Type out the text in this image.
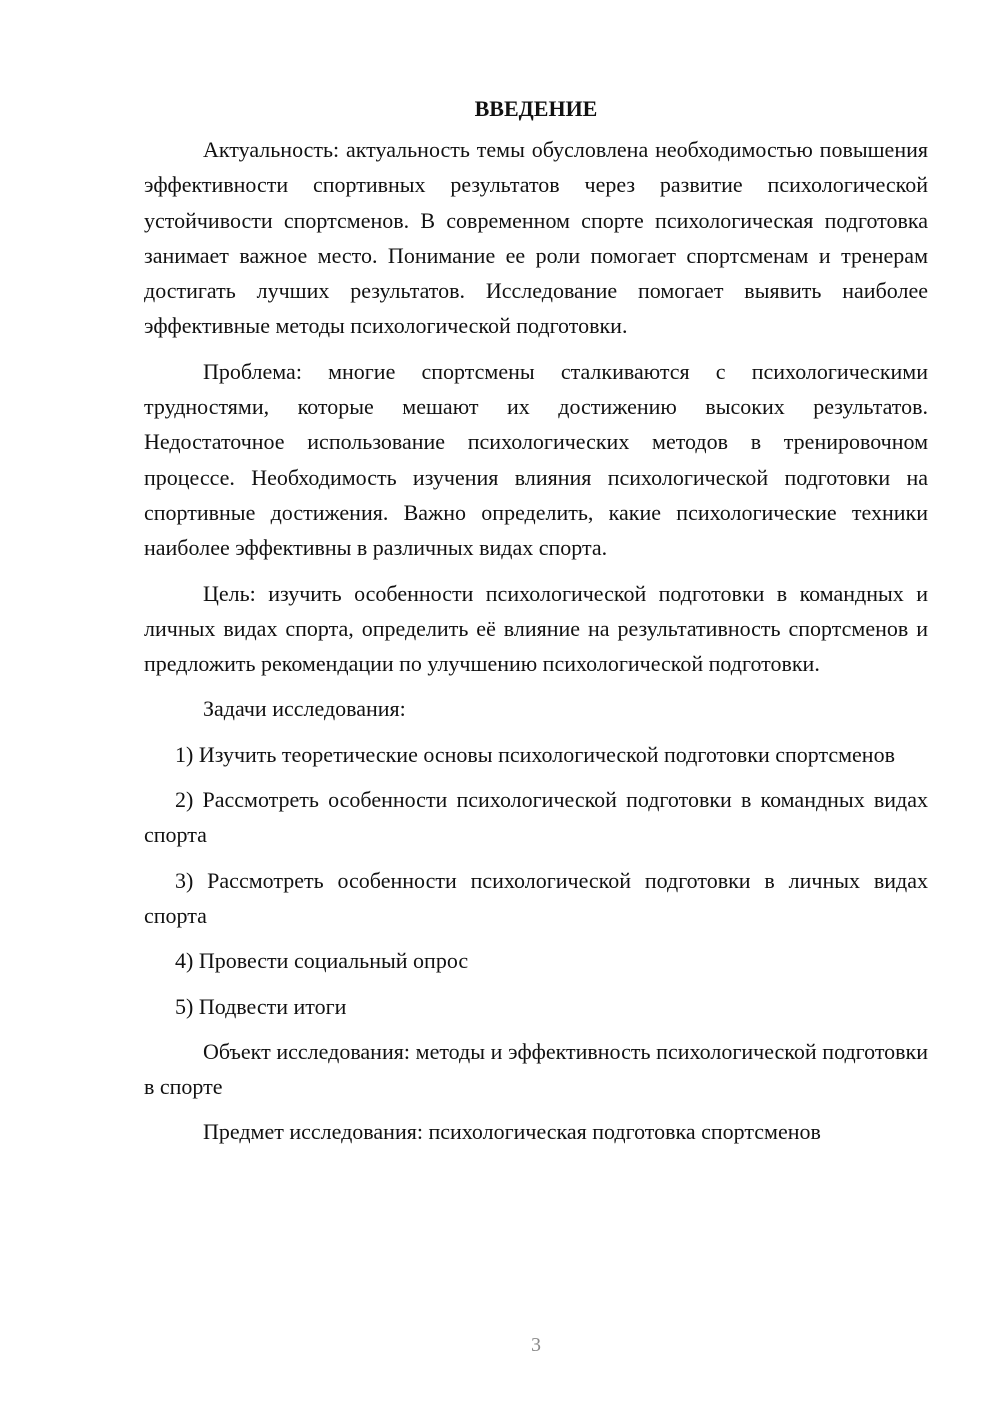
ВВЕДЕНИЕ

Актуальность: актуальность темы обусловлена необходимостью повышения эффективности спортивных результатов через развитие психологической устойчивости спортсменов. В современном спорте психологическая подготовка занимает важное место. Понимание ее роли помогает спортсменам и тренерам достигать лучших результатов. Исследование помогает выявить наиболее эффективные методы психологической подготовки.

Проблема: многие спортсмены сталкиваются с психологическими трудностями, которые мешают их достижению высоких результатов. Недостаточное использование психологических методов в тренировочном процессе. Необходимость изучения влияния психологической подготовки на спортивные достижения. Важно определить, какие психологические техники наиболее эффективны в различных видах спорта.

Цель: изучить особенности психологической подготовки в командных и личных видах спорта, определить её влияние на результативность спортсменов и предложить рекомендации по улучшению психологической подготовки.

Задачи исследования:

1) Изучить теоретические основы психологической подготовки спортсменов

2) Рассмотреть особенности психологической подготовки в командных видах спорта

3) Рассмотреть особенности психологической подготовки в личных видах спорта

4) Провести социальный опрос

5) Подвести итоги

Объект исследования: методы и эффективность психологической подготовки в спорте

Предмет исследования: психологическая подготовка спортсменов

3
